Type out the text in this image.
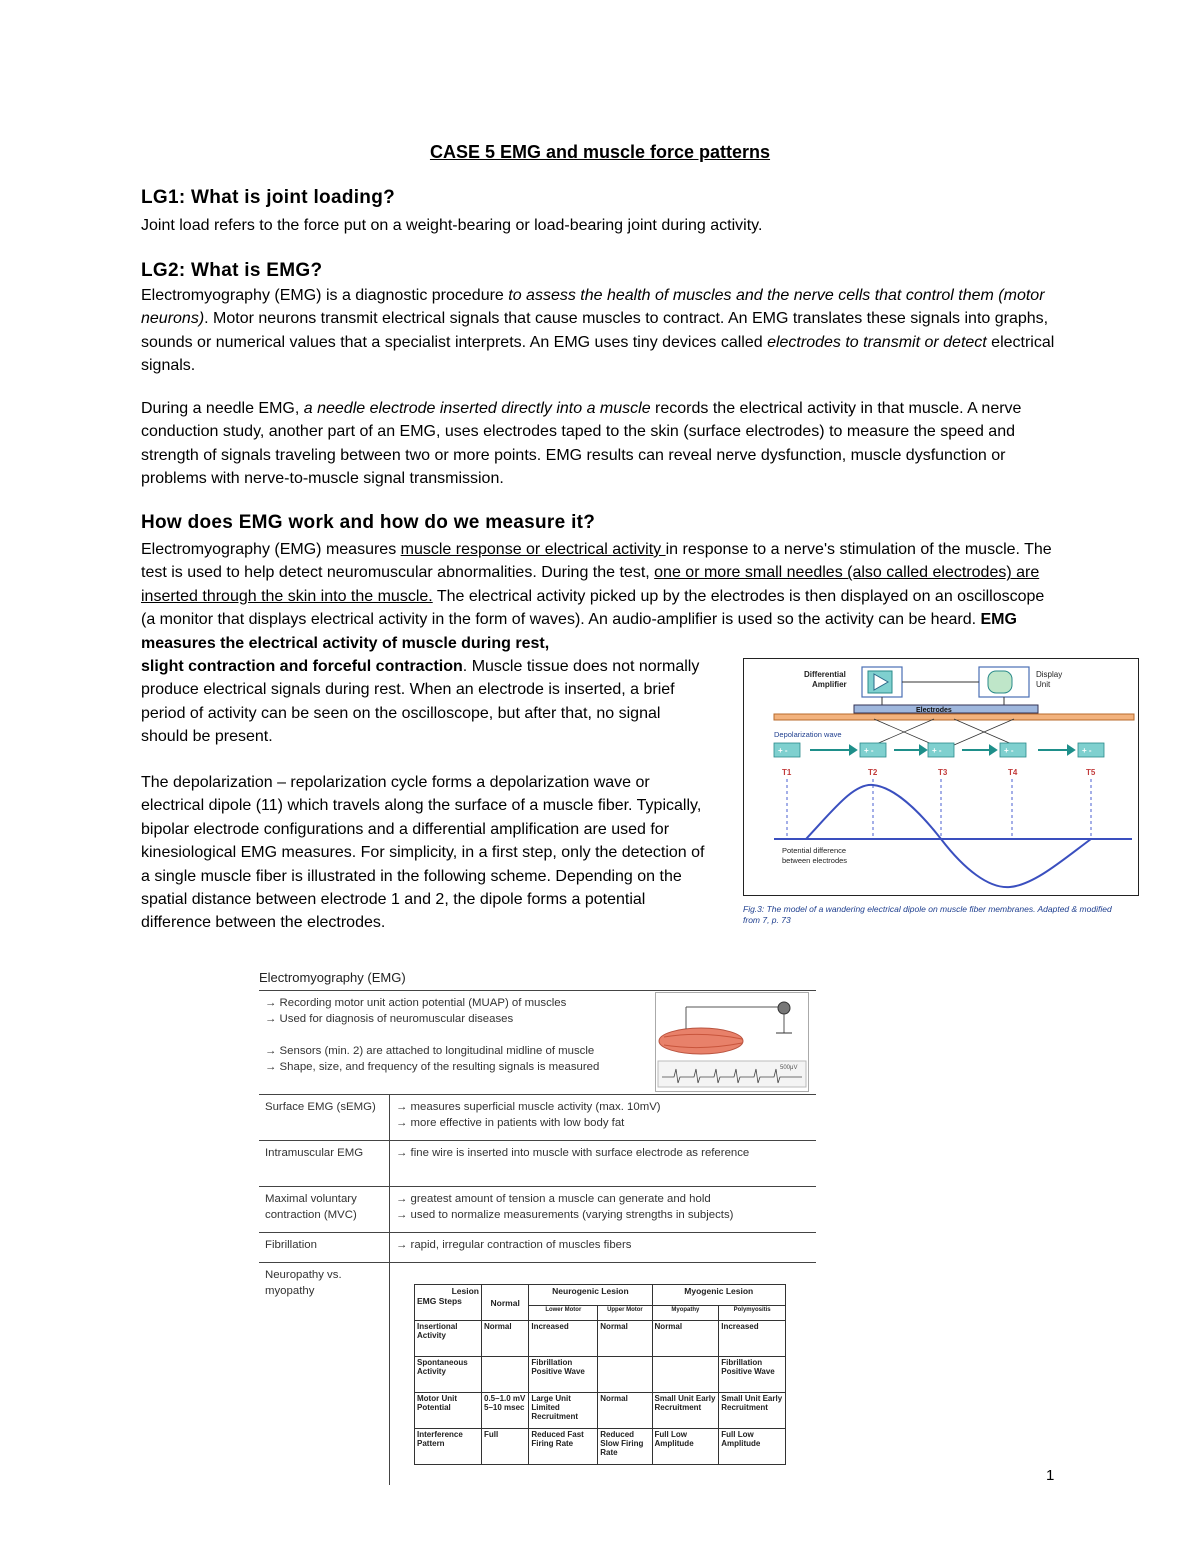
CASE 5 EMG and muscle force patterns
LG1: What is joint loading?
Joint load refers to the force put on a weight-bearing or load-bearing joint during activity.
LG2: What is EMG?
Electromyography (EMG) is a diagnostic procedure to assess the health of muscles and the nerve cells that control them (motor neurons). Motor neurons transmit electrical signals that cause muscles to contract. An EMG translates these signals into graphs, sounds or numerical values that a specialist interprets. An EMG uses tiny devices called electrodes to transmit or detect electrical signals.
During a needle EMG, a needle electrode inserted directly into a muscle records the electrical activity in that muscle. A nerve conduction study, another part of an EMG, uses electrodes taped to the skin (surface electrodes) to measure the speed and strength of signals traveling between two or more points. EMG results can reveal nerve dysfunction, muscle dysfunction or problems with nerve-to-muscle signal transmission.
How does EMG work and how do we measure it?
Electromyography (EMG) measures muscle response or electrical activity in response to a nerve's stimulation of the muscle. The test is used to help detect neuromuscular abnormalities. During the test, one or more small needles (also called electrodes) are inserted through the skin into the muscle. The electrical activity picked up by the electrodes is then displayed on an oscilloscope (a monitor that displays electrical activity in the form of waves). An audio-amplifier is used so the activity can be heard. EMG measures the electrical activity of muscle during rest,
slight contraction and forceful contraction. Muscle tissue does not normally produce electrical signals during rest. When an electrode is inserted, a brief period of activity can be seen on the oscilloscope, but after that, no signal should be present.
The depolarization – repolarization cycle forms a depolarization wave or electrical dipole (11) which travels along the surface of a muscle fiber. Typically, bipolar electrode configurations and a differential amplification are used for kinesiological EMG measures. For simplicity, in a first step, only the detection of a single muscle fiber is illustrated in the following scheme. Depending on the spatial distance between electrode 1 and 2, the dipole forms a potential difference between the electrodes.
Differential
Amplifier
Display
Unit
Electrodes
Depolarization wave
+ -	+ -	+ -	+ -	+ -
T1	T2	T3	T4	T5
Potential difference
between electrodes
Fig.3: The model of a wandering electrical dipole on muscle fiber membranes. Adapted & modified from 7, p. 73
Electromyography (EMG)
→ Recording motor unit action potential (MUAP) of muscles
→ Used for diagnosis of neuromuscular diseases
→ Sensors (min. 2) are attached to longitudinal midline of muscle
→ Shape, size, and frequency of the resulting signals is measured	

Surface EMG (sEMG)	→ measures superficial muscle activity (max. 10mV)
→ more effective in patients with low body fat

Intramuscular EMG	→ fine wire is inserted into muscle with surface electrode as reference

Maximal voluntary contraction (MVC)	→ greatest amount of tension a muscle can generate and hold
→ used to normalize measurements (varying strengths in subjects)

Fibrillation	→ rapid, irregular contraction of muscles fibers

Neuropathy vs. myopathy	
500μV
Lesion
EMG Steps	Normal	Neurogenic Lesion		Myogenic Lesion	
		Lower Motor	Upper Motor	Myopathy	Polymyositis
Insertional Activity	Normal	Increased	Normal	Normal	Increased
Spontaneous Activity		Fibrillation Positive Wave			Fibrillation Positive Wave
Motor Unit Potential	0.5–1.0 mV 5–10 msec	Large Unit Limited Recruitment	Normal	Small Unit Early Recruitment	Small Unit Early Recruitment
Interference Pattern	Full	Reduced Fast Firing Rate	Reduced Slow Firing Rate	Full Low Amplitude	Full Low Amplitude
1
